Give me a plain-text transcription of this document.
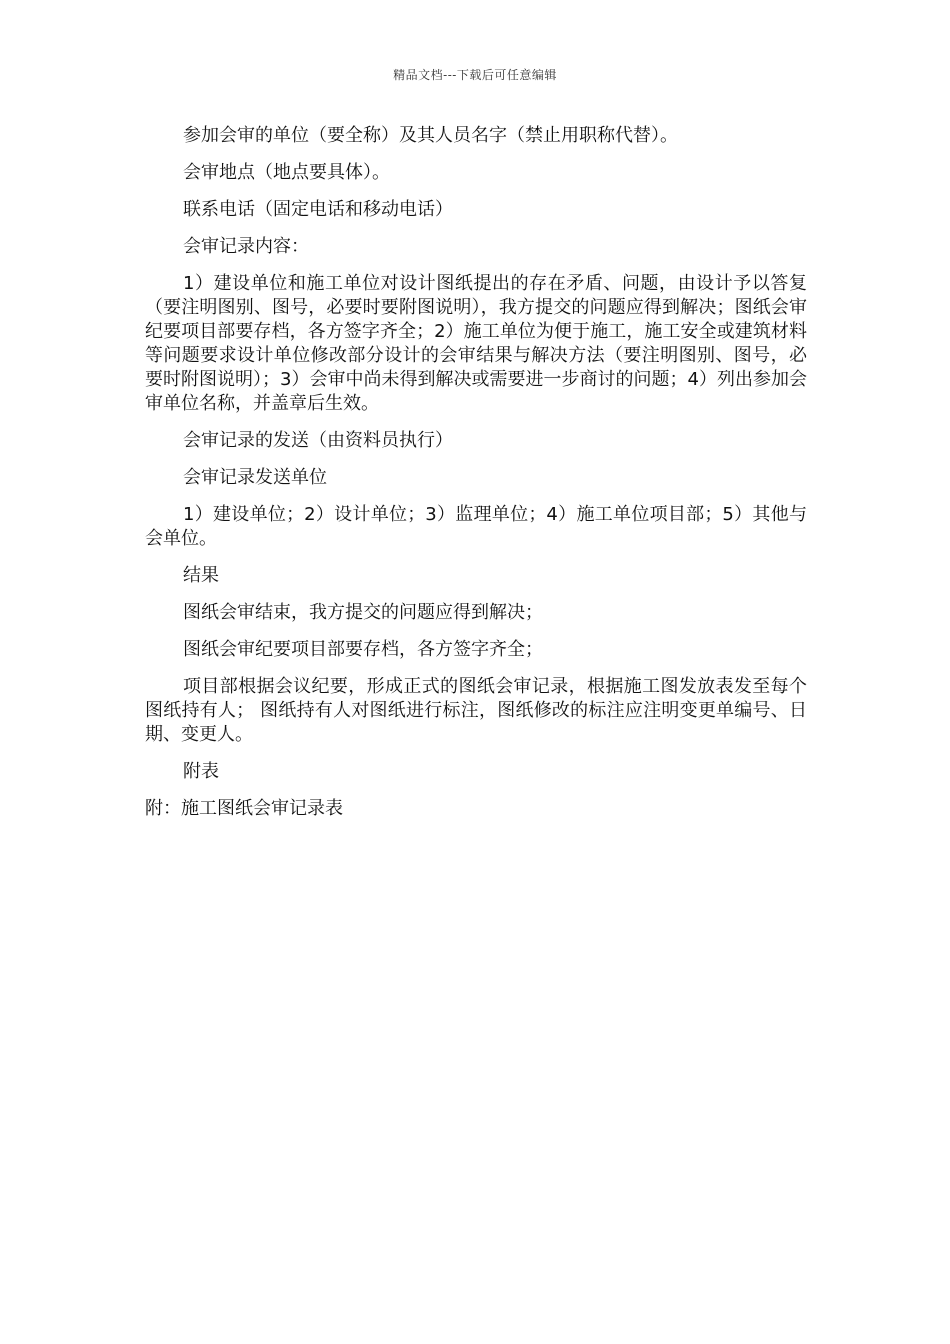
精品文档---下载后可任意编辑

参加会审的单位（要全称）及其人员名字（禁止用职称代替）。

会审地点（地点要具体）。

联系电话（固定电话和移动电话）

会审记录内容：

1）建设单位和施工单位对设计图纸提出的存在矛盾、问题，由设计予以答复（要注明图别、图号，必要时要附图说明），我方提交的问题应得到解决；图纸会审纪要项目部要存档，各方签字齐全；2）施工单位为便于施工，施工安全或建筑材料等问题要求设计单位修改部分设计的会审结果与解决方法（要注明图别、图号，必要时附图说明）；3）会审中尚未得到解决或需要进一步商讨的问题；4）列出参加会审单位名称，并盖章后生效。

会审记录的发送（由资料员执行）

会审记录发送单位

1）建设单位；2）设计单位；3）监理单位；4）施工单位项目部；5）其他与会单位。

结果

图纸会审结束，我方提交的问题应得到解决；

图纸会审纪要项目部要存档，各方签字齐全；

项目部根据会议纪要，形成正式的图纸会审记录，根据施工图发放表发至每个图纸持有人； 图纸持有人对图纸进行标注，图纸修改的标注应注明变更单编号、日期、变更人。

附表

附：施工图纸会审记录表
